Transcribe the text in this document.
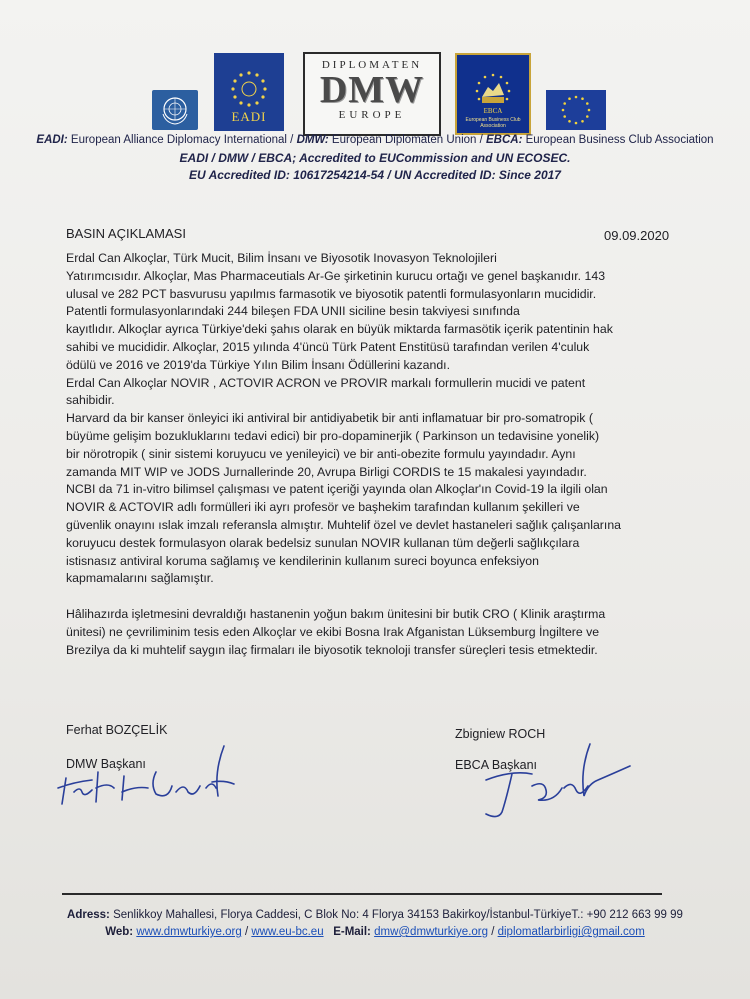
EADI
DIPLOMATEN
DMW
EUROPE	EBCA
European Business Club Association
EADI: European Alliance Diplomacy International / DMW: European Diplomaten Union / EBCA: European Business Club Association
EADI / DMW / EBCA; Accredited to EUCommission and UN ECOSEC.
EU Accredited ID: 10617254214-54 / UN Accredited ID: Since 2017
BASIN AÇIKLAMASI	09.09.2020

Erdal Can Alkoçlar, Türk Mucit, Bilim İnsanı ve Biyosotik Inovasyon Teknolojileri

Yatırımcısıdır. Alkoçlar, Mas Pharmaceutials Ar-Ge şirketinin kurucu ortağı ve genel başkanıdır. 143

ulusal ve 282 PCT basvurusu yapılmıs farmasotik ve biyosotik patentli formulasyonların mucididir.

Patentli formulasyonlarındaki 244 bileşen FDA UNII siciline besin takviyesi sınıfında

kayıtlıdır. Alkoçlar ayrıca Türkiye'deki şahıs olarak en büyük miktarda farmasötik içerik patentinin hak

sahibi ve mucididir. Alkoçlar, 2015 yılında 4'üncü Türk Patent Enstitüsü tarafından verilen 4'culuk

ödülü ve 2016 ve 2019'da Türkiye Yılın Bilim İnsanı Ödüllerini kazandı.

Erdal Can Alkoçlar NOVIR , ACTOVIR ACRON ve PROVIR markalı formullerin mucidi ve patent

sahibidir.

Harvard da bir kanser önleyici iki antiviral bir antidiyabetik bir anti inflamatuar bir pro-somatropik (

büyüme gelişim bozukluklarını tedavi edici) bir pro-dopaminerjik ( Parkinson un tedavisine yonelik)

bir nörotropik ( sinir sistemi koruyucu ve yenileyici) ve bir anti-obezite formulu yayındadır. Aynı

zamanda MIT WIP ve JODS Jurnallerinde 20, Avrupa Birligi CORDIS te 15 makalesi yayındadır.

NCBI da 71 in-vitro bilimsel çalışması ve patent içeriği yayında olan Alkoçlar'ın Covid-19 la ilgili olan

NOVIR & ACTOVIR adlı formülleri iki ayrı profesör ve başhekim tarafından kullanım şekilleri ve

güvenlik onayını ıslak imzalı referansla almıştır. Muhtelif özel ve devlet hastaneleri sağlık çalışanlarına

koruyucu destek formulasyon olarak bedelsiz sunulan NOVIR kullanan tüm değerli sağlıkçılara

istisnasız antiviral koruma sağlamış ve kendilerinin kullanım sureci boyunca enfeksiyon

kapmamalarını sağlamıştır.

Hâlihazırda işletmesini devraldığı hastanenin yoğun bakım ünitesini bir butik CRO ( Klinik araştırma

ünitesi) ne çevriliminim tesis eden Alkoçlar ve ekibi Bosna Irak Afganistan Lüksemburg İngiltere ve

Brezilya da ki muhtelif saygın ilaç firmaları ile biyosotik teknoloji transfer süreçleri tesis etmektedir.

Ferhat BOZÇELİK
DMW Başkanı
Zbigniew ROCH
EBCA Başkanı
Adress: Senlikkoy Mahallesi, Florya Caddesi, C Blok No: 4 Florya 34153 Bakirkoy/İstanbul-TürkiyeT.: +90 212 663 99 99
Web: www.dmwturkiye.org / www.eu-bc.eu E-Mail: dmw@dmwturkiye.org / diplomatlarbirligi@gmail.com
